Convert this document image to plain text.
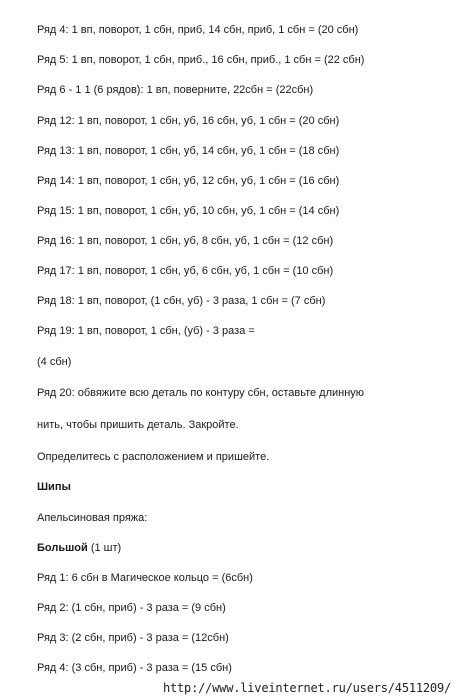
Ряд 4: 1 вп, поворот, 1 сбн, приб, 14 сбн, приб, 1 сбн = (20 сбн)
Ряд 5: 1 вп, поворот, 1 сбн, приб., 16 сбн, приб., 1 сбн = (22 сбн)
Ряд 6 - 1 1 (6 рядов): 1 вп, поверните, 22сбн = (22сбн)
Ряд 12: 1 вп, поворот, 1 сбн, уб, 16 сбн, уб, 1 сбн = (20 сбн)
Ряд 13: 1 вп, поворот, 1 сбн, уб, 14 сбн, уб, 1 сбн = (18 сбн)
Ряд 14: 1 вп, поворот, 1 сбн, уб, 12 сбн, уб, 1 сбн = (16 сбн)
Ряд 15: 1 вп, поворот, 1 сбн, уб, 10 сбн, уб, 1 сбн = (14 сбн)
Ряд 16: 1 вп, поворот, 1 сбн, уб, 8 сбн, уб, 1 сбн = (12 сбн)
Ряд 17: 1 вп, поворот, 1 сбн, уб, 6 сбн, уб, 1 сбн = (10 сбн)
Ряд 18: 1 вп, поворот, (1 сбн, уб) - 3 раза, 1 сбн = (7 сбн)
Ряд 19: 1 вп, поворот, 1 сбн, (уб) - 3 раза =
(4 сбн)
Ряд 20: обвяжите всю деталь по контуру сбн, оставьте длинную
нить, чтобы пришить деталь. Закройте.
Определитесь с расположением и пришейте.
Шипы
Апельсиновая пряжа:
Большой (1 шт)
Ряд 1: 6 сбн в Магическое кольцо = (6сбн)
Ряд 2: (1 сбн, приб) - 3 раза = (9 сбн)
Ряд 3: (2 сбн, приб) - 3 раза = (12сбн)
Ряд 4: (3 сбн, приб) - 3 раза = (15 сбн)
http://www.liveinternet.ru/users/4511209/
